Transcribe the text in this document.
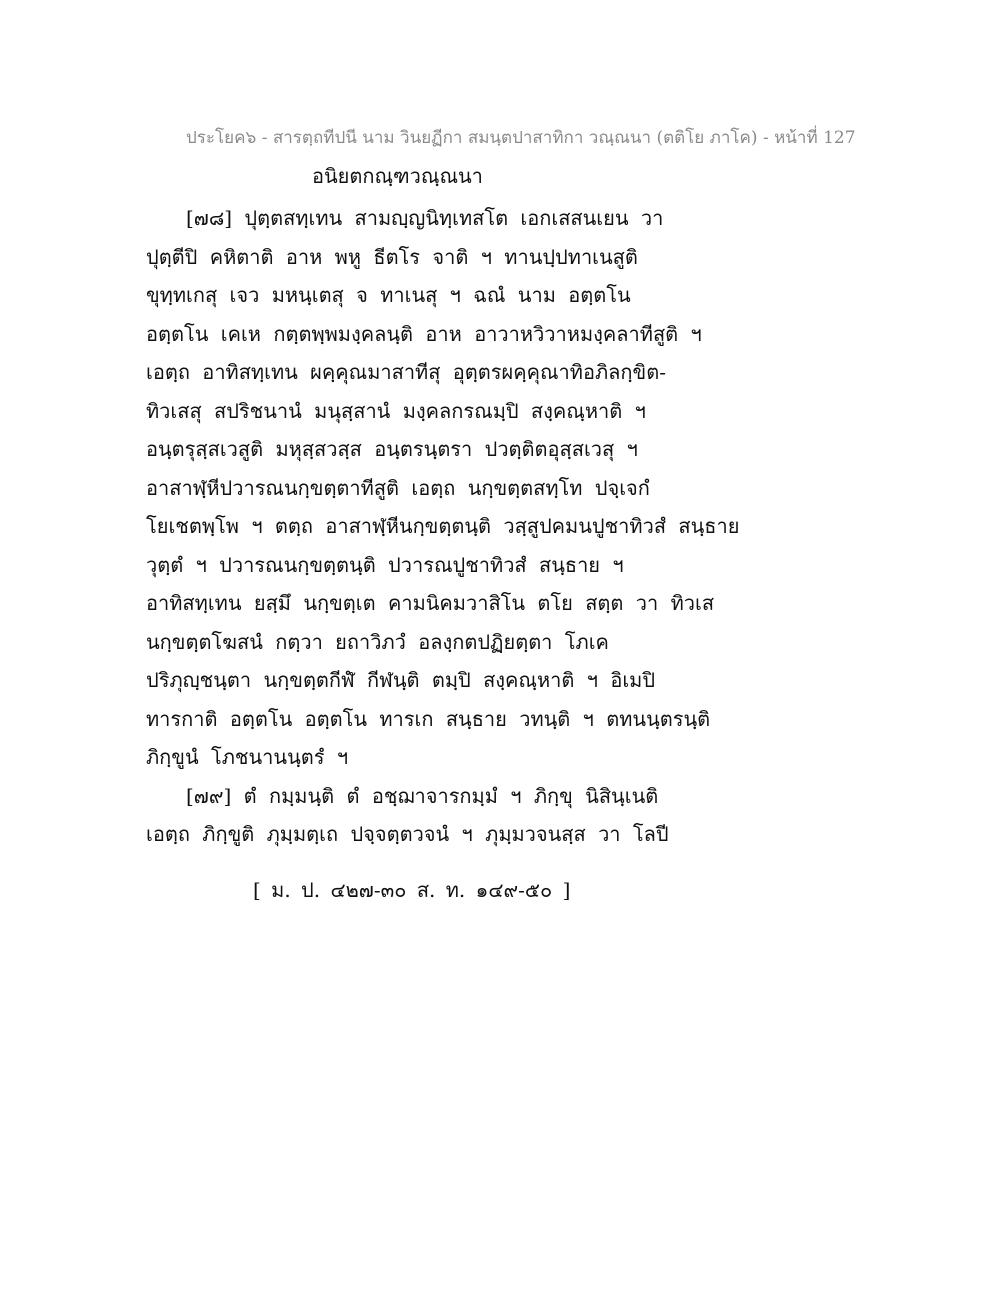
ประโยค๖ - สารตฺถทีปนี นาม วินยฏีกา สมนฺตปาสาทิกา วณฺณนา (ตติโย ภาโค) - หน้าที่ 127
อนิยตกณฺฑวณฺณนา
[๗๘] ปุตฺตสทฺเทน สามญฺญนิทฺเทสโต เอกเสสนเยน วา
ปุตฺตีปิ คหิตาติ อาห พหู ธีตโร จาติ ฯ ทานปฺปทาเนสูติ
ขุทฺทเกสุ เจว มหนฺเตสุ จ ทาเนสุ ฯ ฉณํ นาม อตฺตโน
อตฺตโน เคเห กตฺตพฺพมงฺคลนฺติ อาห อาวาหวิวาหมงฺคลาทีสูติ ฯ
เอตฺถ อาทิสทฺเทน ผคฺคุณมาสาทีสุ อุตฺตรผคฺคุณาทิอภิลกฺขิต-
ทิวเสสุ สปริชนานํ มนุสฺสานํ มงฺคลกรณมฺปิ สงฺคณฺหาติ ฯ
อนฺตรุสฺสเวสูติ มหุสฺสวสฺส อนฺตรนฺตรา ปวตฺติตอุสฺสเวสุ ฯ
อาสาฬฺหีปวารณนกฺขตฺตาทีสูติ เอตฺถ นกฺขตฺตสทฺโท ปจฺเจกํ
โยเชตพฺโพ ฯ ตตฺถ อาสาฬฺหีนกฺขตฺตนฺติ วสฺสูปคมนปูชาทิวสํ สนฺธาย
วุตฺตํ ฯ ปวารณนกฺขตฺตนฺติ ปวารณปูชาทิวสํ สนฺธาย ฯ
อาทิสทฺเทน ยสฺมึ นกฺขตฺเต คามนิคมวาสิโน ตโย สตฺต วา ทิวเส
นกฺขตฺตโฆสนํ กตฺวา ยถาวิภวํ อลงฺกตปฏิยตฺตา โภเค
ปริภุญฺชนฺตา นกฺขตฺตกีฬํ กีฬนฺติ ตมฺปิ สงฺคณฺหาติ ฯ อิเมปิ
ทารกาติ อตฺตโน อตฺตโน ทารเก สนฺธาย วทนฺติ ฯ ตทนนฺตรนฺติ
ภิกฺขูนํ โภชนานนฺตรํ ฯ
[๗๙] ตํ กมฺมนฺติ ตํ อชฺฌาจารกมฺมํ ฯ ภิกฺขุ นิสินฺเนติ
เอตฺถ ภิกฺขูติ ภุมฺมตฺเถ ปจฺจตฺตวจนํ ฯ ภุมฺมวจนสฺส วา โลปี
[ ม. ป. ๔๒๗-๓๐ ส. ท. ๑๔๙-๕๐ ]
